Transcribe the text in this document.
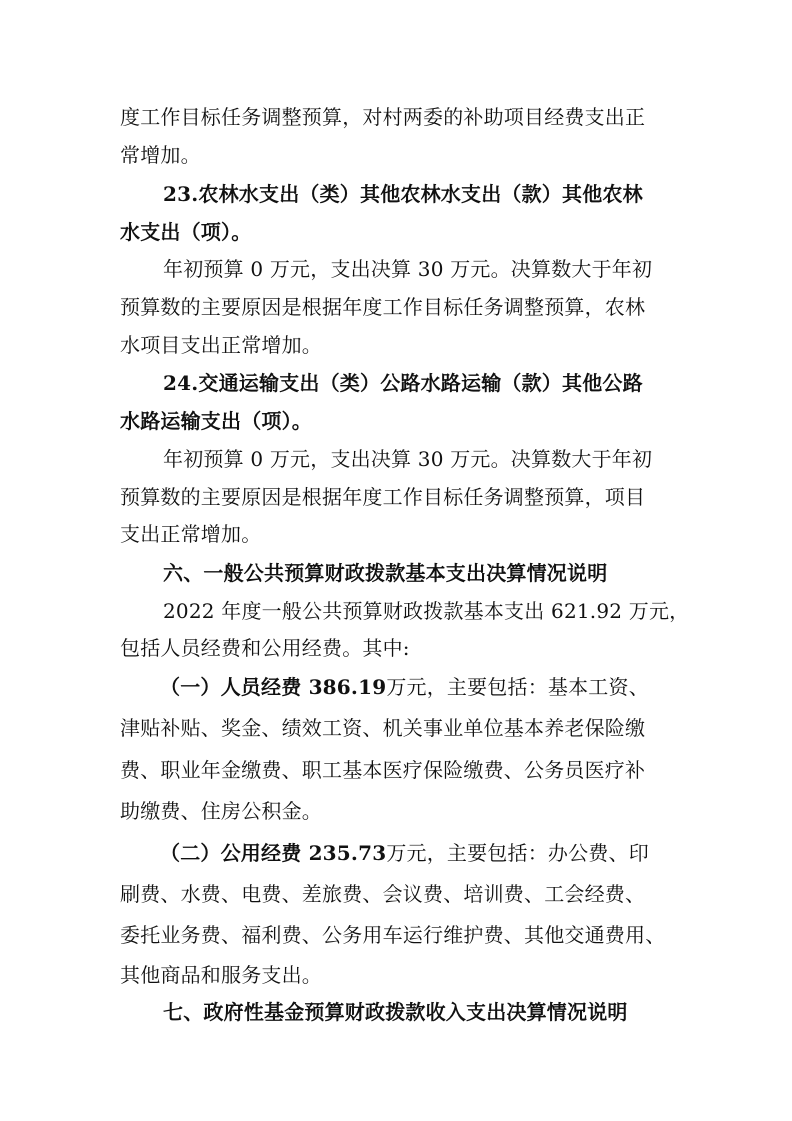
度工作目标任务调整预算，对村两委的补助项目经费支出正
常增加。
23.农林水支出（类）其他农林水支出（款）其他农林
水支出（项）。
年初预算 0 万元，支出决算 30 万元。决算数大于年初
预算数的主要原因是根据年度工作目标任务调整预算，农林
水项目支出正常增加。
24.交通运输支出（类）公路水路运输（款）其他公路
水路运输支出（项）。
年初预算 0 万元，支出决算 30 万元。决算数大于年初
预算数的主要原因是根据年度工作目标任务调整预算，项目
支出正常增加。
六、一般公共预算财政拨款基本支出决算情况说明
2022 年度一般公共预算财政拨款基本支出 621.92 万元，
包括人员经费和公用经费。其中:
（一）人员经费 386.19万元，主要包括：基本工资、
津贴补贴、奖金、绩效工资、机关事业单位基本养老保险缴
费、职业年金缴费、职工基本医疗保险缴费、公务员医疗补
助缴费、住房公积金。
（二）公用经费 235.73万元，主要包括：办公费、印
刷费、水费、电费、差旅费、会议费、培训费、工会经费、
委托业务费、福利费、公务用车运行维护费、其他交通费用、
其他商品和服务支出。
七、政府性基金预算财政拨款收入支出决算情况说明
